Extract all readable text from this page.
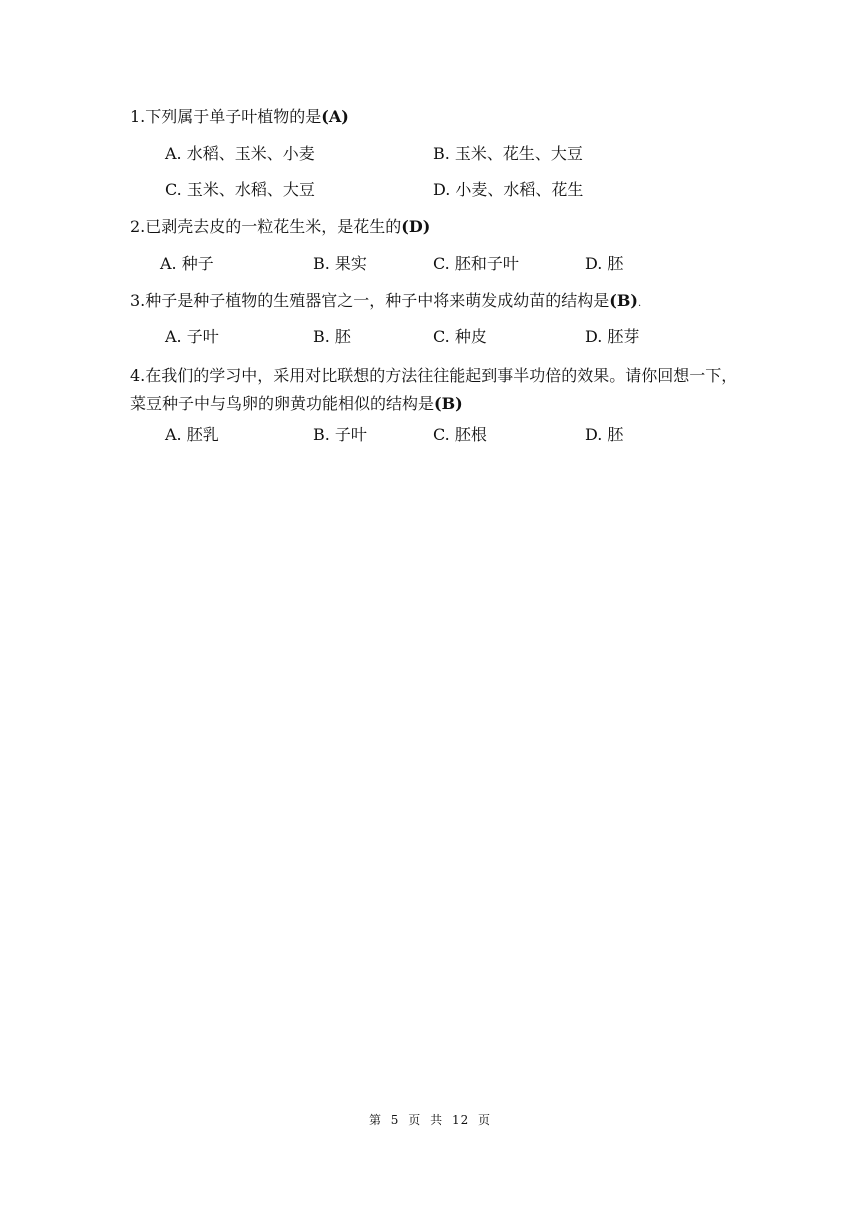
1.下列属于单子叶植物的是(A)
A. 水稻、玉米、小麦	B. 玉米、花生、大豆
C. 玉米、水稻、大豆	D. 小麦、水稻、花生
2.已剥壳去皮的一粒花生米，是花生的(D)
A. 种子	B. 果实	C. 胚和子叶	D. 胚
3.种子是种子植物的生殖器官之一，种子中将来萌发成幼苗的结构是(B).
A. 子叶	B. 胚	C. 种皮	D. 胚芽
4.在我们的学习中，采用对比联想的方法往往能起到事半功倍的效果。请你回想一下，菜豆种子中与鸟卵的卵黄功能相似的结构是(B)
A. 胚乳	B. 子叶	C. 胚根	D. 胚
第 5 页 共 12 页
